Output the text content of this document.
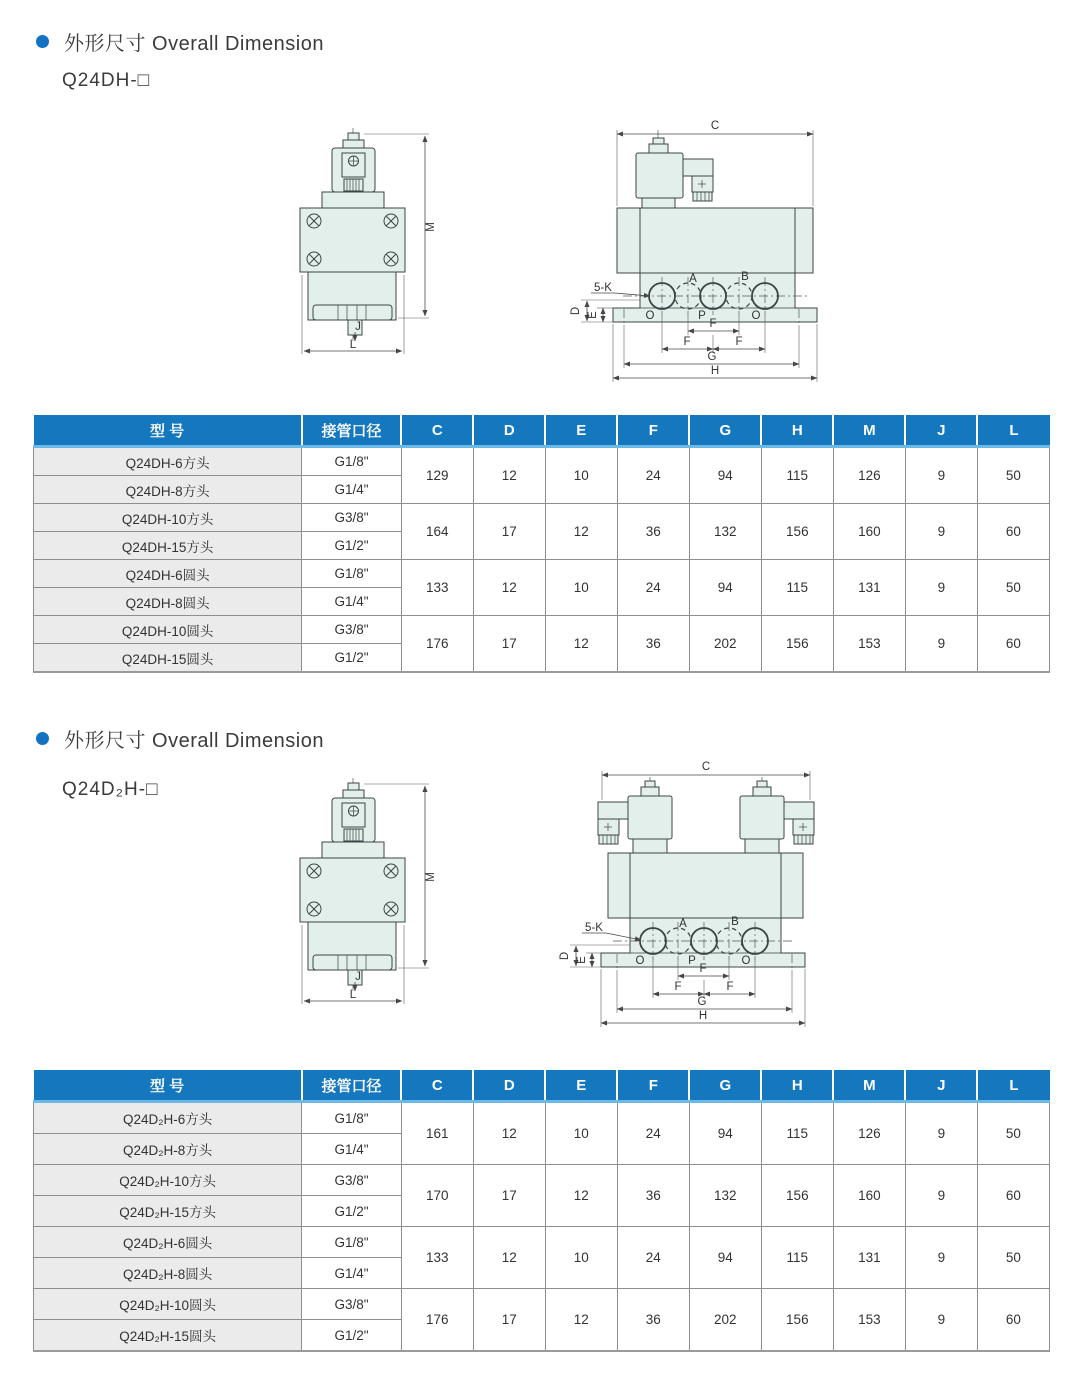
外形尺寸 Overall Dimension
Q24DH-□
J
M
L
A	B
O	P	O
5-K
C
D E
F
F	F
G
H
型 号	接管口径	C	D	E	F	G	H	M	J	L
Q24DH-6方头	G1/8"	129	12	10	24	94	115	126	9	50
Q24DH-8方头	G1/4"									
Q24DH-10方头	G3/8"	164	17	12	36	132	156	160	9	60
Q24DH-15方头	G1/2"									
Q24DH-6圆头	G1/8"	133	12	10	24	94	115	131	9	50
Q24DH-8圆头	G1/4"									
Q24DH-10圆头	G3/8"	176	17	12	36	202	156	153	9	60
Q24DH-15圆头	G1/2"									
外形尺寸 Overall Dimension
Q24D₂H-□
J
M
L
A	B
O	P	O
5-K
C
D E
F
F	F
G
H
型 号	接管口径	C	D	E	F	G	H	M	J	L
Q24D₂H-6方头	G1/8"	161	12	10	24	94	115	126	9	50
Q24D₂H-8方头	G1/4"									
Q24D₂H-10方头	G3/8"	170	17	12	36	132	156	160	9	60
Q24D₂H-15方头	G1/2"									
Q24D₂H-6圆头	G1/8"	133	12	10	24	94	115	131	9	50
Q24D₂H-8圆头	G1/4"									
Q24D₂H-10圆头	G3/8"	176	17	12	36	202	156	153	9	60
Q24D₂H-15圆头	G1/2"									
